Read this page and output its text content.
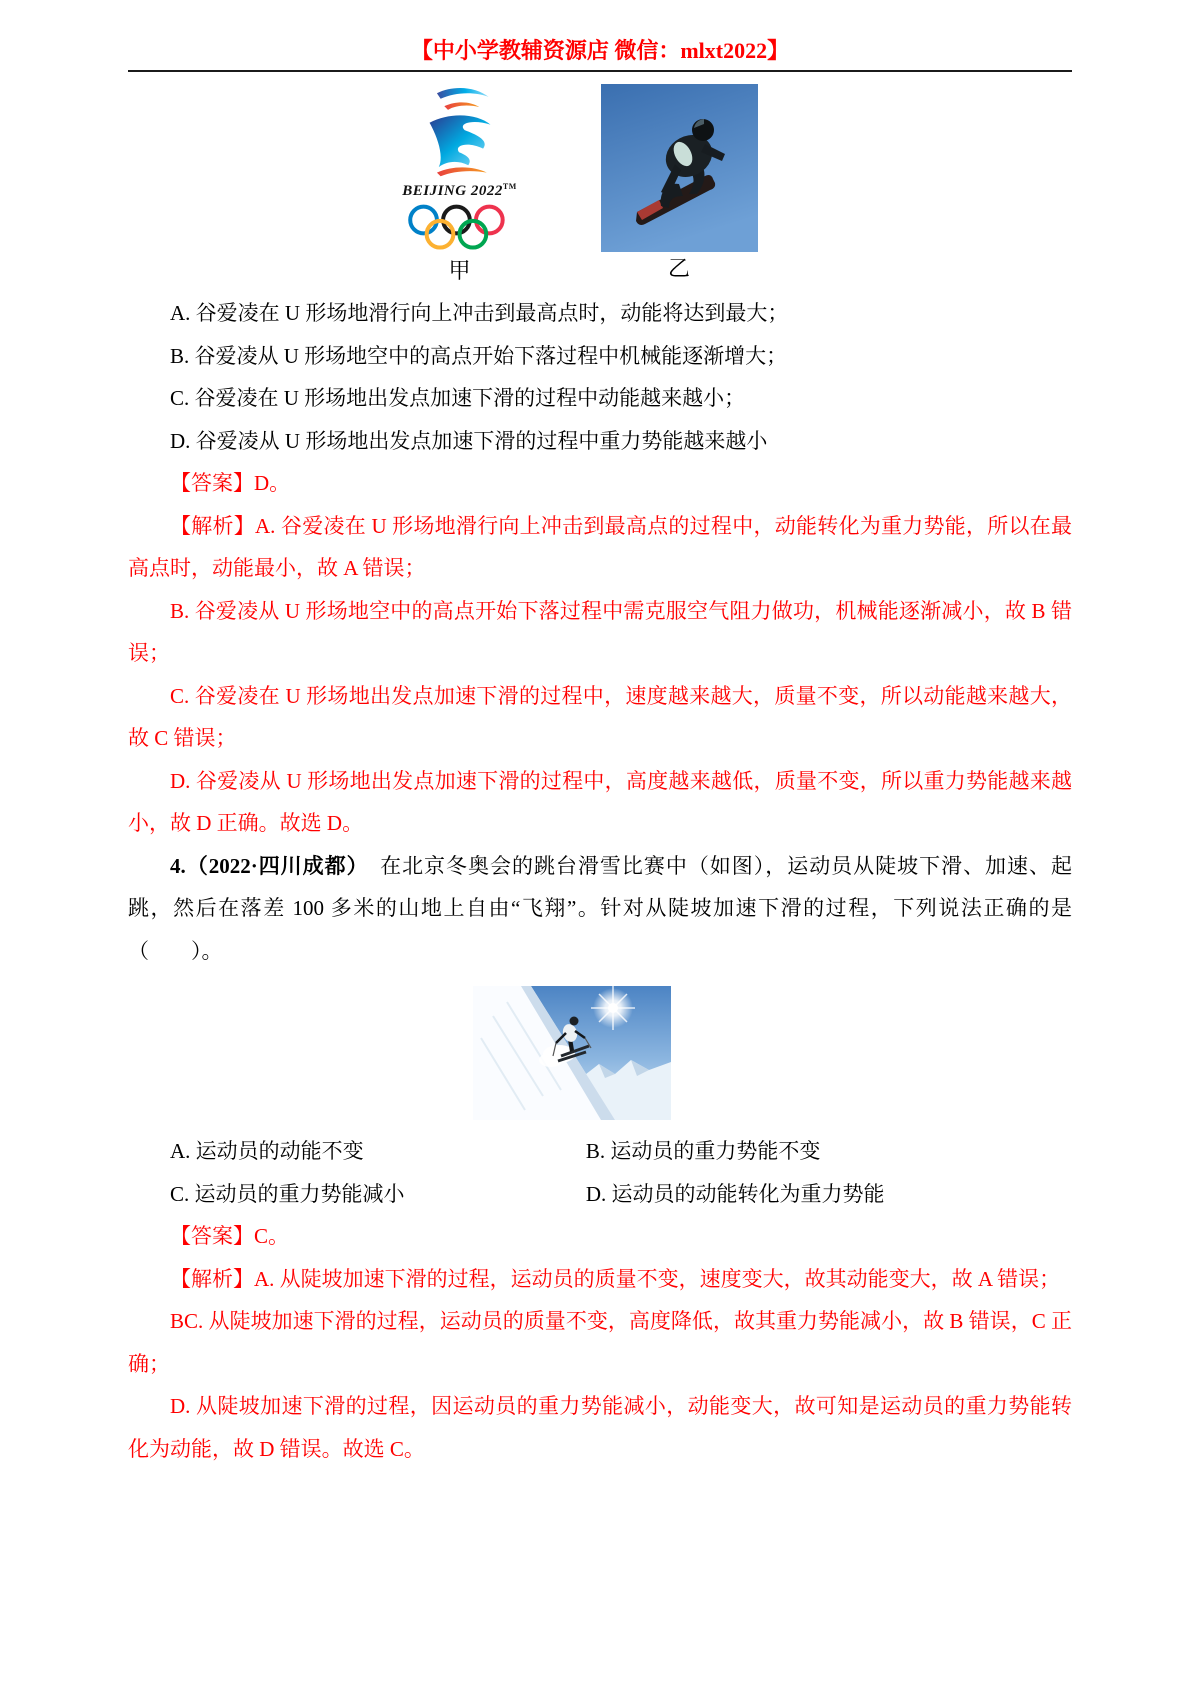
【中小学教辅资源店 微信：mlxt2022】
BEIJING 2022™
甲	乙

A. 谷爱凌在 U 形场地滑行向上冲击到最高点时，动能将达到最大；

B. 谷爱凌从 U 形场地空中的高点开始下落过程中机械能逐渐增大；

C. 谷爱凌在 U 形场地出发点加速下滑的过程中动能越来越小；

D. 谷爱凌从 U 形场地出发点加速下滑的过程中重力势能越来越小

【答案】D。

【解析】A. 谷爱凌在 U 形场地滑行向上冲击到最高点的过程中，动能转化为重力势能，所以在最高点时，动能最小，故 A 错误；

B. 谷爱凌从 U 形场地空中的高点开始下落过程中需克服空气阻力做功，机械能逐渐减小，故 B 错误；

C. 谷爱凌在 U 形场地出发点加速下滑的过程中，速度越来越大，质量不变，所以动能越来越大，故 C 错误；

D. 谷爱凌从 U 形场地出发点加速下滑的过程中，高度越来越低，质量不变，所以重力势能越来越小，故 D 正确。故选 D。

4.（2022·四川成都）　在北京冬奥会的跳台滑雪比赛中（如图），运动员从陡坡下滑、加速、起跳，然后在落差 100 多米的山地上自由“飞翔”。针对从陡坡加速下滑的过程，下列说法正确的是（　　）。

A. 运动员的动能不变	B. 运动员的重力势能不变

C. 运动员的重力势能减小	D. 运动员的动能转化为重力势能

【答案】C。

【解析】A. 从陡坡加速下滑的过程，运动员的质量不变，速度变大，故其动能变大，故 A 错误；

BC. 从陡坡加速下滑的过程，运动员的质量不变，高度降低，故其重力势能减小，故 B 错误，C 正确；

D. 从陡坡加速下滑的过程，因运动员的重力势能减小，动能变大，故可知是运动员的重力势能转化为动能，故 D 错误。故选 C。
